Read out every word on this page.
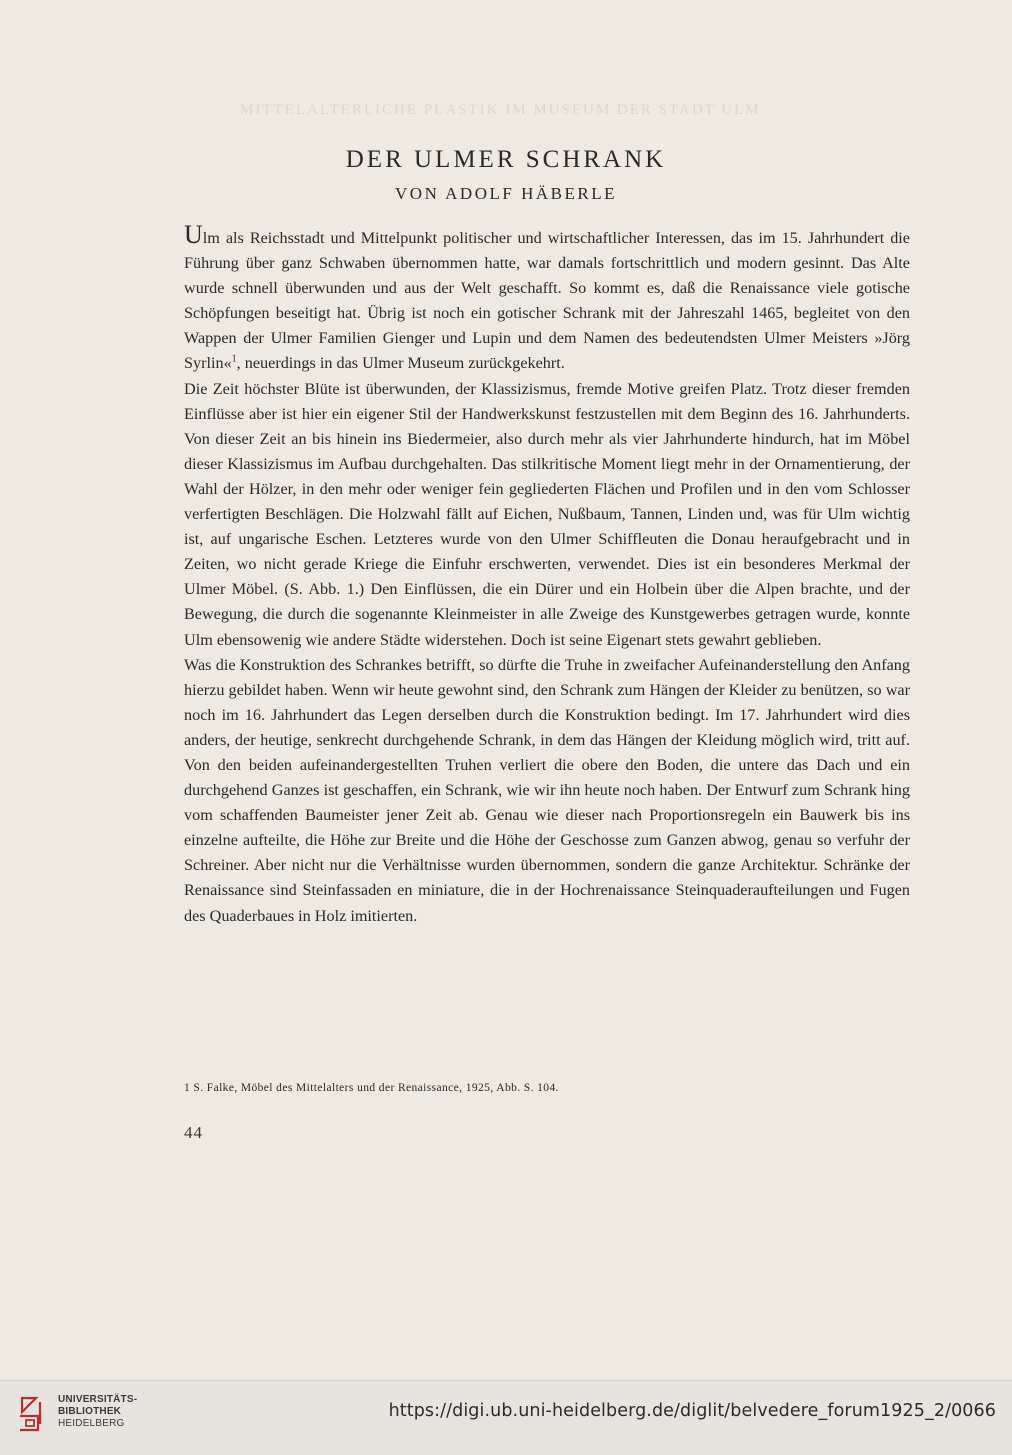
MITTELALTERLICHE PLASTIK IM MUSEUM DER STADT ULM
DER ULMER SCHRANK
VON ADOLF HÄBERLE

Ulm als Reichsstadt und Mittelpunkt politischer und wirtschaftlicher Interessen, das im 15. Jahrhundert die Führung über ganz Schwaben übernommen hatte, war damals fortschrittlich und modern gesinnt. Das Alte wurde schnell überwunden und aus der Welt geschafft. So kommt es, daß die Renaissance viele gotische Schöpfungen beseitigt hat. Übrig ist noch ein gotischer Schrank mit der Jahreszahl 1465, begleitet von den Wappen der Ulmer Familien Gienger und Lupin und dem Namen des bedeutendsten Ulmer Meisters »Jörg Syrlin«$^1$, neuerdings in das Ulmer Museum zurückgekehrt.

Die Zeit höchster Blüte ist überwunden, der Klassizismus, fremde Motive greifen Platz. Trotz dieser fremden Einflüsse aber ist hier ein eigener Stil der Handwerkskunst festzustellen mit dem Beginn des 16. Jahrhunderts. Von dieser Zeit an bis hinein ins Biedermeier, also durch mehr als vier Jahrhunderte hindurch, hat im Möbel dieser Klassizismus im Aufbau durchgehalten. Das stilkritische Moment liegt mehr in der Ornamentierung, der Wahl der Hölzer, in den mehr oder weniger fein gegliederten Flächen und Profilen und in den vom Schlosser verfertigten Beschlägen. Die Holzwahl fällt auf Eichen, Nußbaum, Tannen, Linden und, was für Ulm wichtig ist, auf ungarische Eschen. Letzteres wurde von den Ulmer Schiffleuten die Donau heraufgebracht und in Zeiten, wo nicht gerade Kriege die Einfuhr erschwerten, verwendet. Dies ist ein besonderes Merkmal der Ulmer Möbel. (S. Abb. 1.) Den Einflüssen, die ein Dürer und ein Holbein über die Alpen brachte, und der Bewegung, die durch die sogenannte Kleinmeister in alle Zweige des Kunstgewerbes getragen wurde, konnte Ulm ebensowenig wie andere Städte widerstehen. Doch ist seine Eigenart stets gewahrt geblieben.

Was die Konstruktion des Schrankes betrifft, so dürfte die Truhe in zweifacher Aufeinanderstellung den Anfang hierzu gebildet haben. Wenn wir heute gewohnt sind, den Schrank zum Hängen der Kleider zu benützen, so war noch im 16. Jahrhundert das Legen derselben durch die Konstruktion bedingt. Im 17. Jahrhundert wird dies anders, der heutige, senkrecht durchgehende Schrank, in dem das Hängen der Kleidung möglich wird, tritt auf. Von den beiden aufeinandergestellten Truhen verliert die obere den Boden, die untere das Dach und ein durchgehend Ganzes ist geschaffen, ein Schrank, wie wir ihn heute noch haben. Der Entwurf zum Schrank hing vom schaffenden Baumeister jener Zeit ab. Genau wie dieser nach Proportionsregeln ein Bauwerk bis ins einzelne aufteilte, die Höhe zur Breite und die Höhe der Geschosse zum Ganzen abwog, genau so verfuhr der Schreiner. Aber nicht nur die Verhältnisse wurden übernommen, sondern die ganze Architektur. Schränke der Renaissance sind Steinfassaden en miniature, die in der Hochrenaissance Steinquaderaufteilungen und Fugen des Quaderbaues in Holz imitierten.

1 S. Falke, Möbel des Mittelalters und der Renaissance, 1925, Abb. S. 104.
44
UNIVERSITÄTS-
BIBLIOTHEK
HEIDELBERG
https://digi.ub.uni-heidelberg.de/diglit/belvedere_forum1925_2/0066
